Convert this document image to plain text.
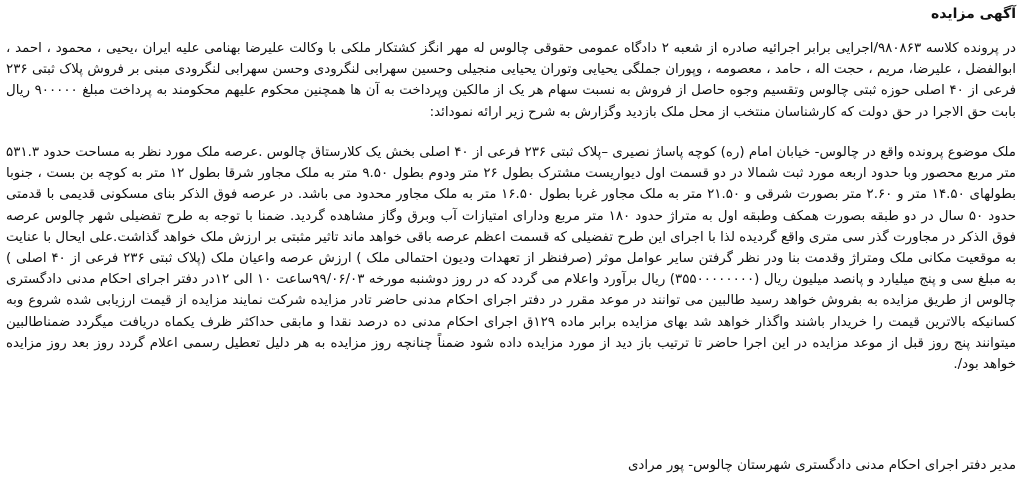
آگهی مزایده

در پرونده کلاسه ۹۸۰۸۶۳/اجرایی برابر اجرائیه صادره از شعبه ۲ دادگاه عمومی حقوقی چالوس له مهر انگز کشتکار ملکی با وکالت علیرضا بهنامی علیه ایران ،یحیی ، محمود ، احمد ، ابوالفضل ، علیرضا، مریم ، حجت اله ، حامد ، معصومه ، وپوران جملگی یحیایی وتوران یحیایی منجیلی وحسین سهرابی لنگرودی وحسن سهرابی لنگرودی مبنی بر فروش پلاک ثبتی ۲۳۶ فرعی از ۴۰ اصلی حوزه ثبتی چالوس وتقسیم وجوه حاصل از فروش به نسبت سهام هر یک از مالکین وپرداخت به آن ها همچنین محکوم علیهم محکومند به پرداخت مبلغ ۹۰۰۰۰۰ ریال بابت حق الاجرا در حق دولت که کارشناسان منتخب از محل ملک بازدید وگزارش به شرح زیر ارائه نمودائد:

ملک موضوع پرونده واقع در چالوس- خیابان امام (ره) کوچه پاساژ نصیری –پلاک ثبتی ۲۳۶ فرعی از ۴۰ اصلی بخش یک کلارستاق چالوس .عرصه ملک مورد نظر به مساحت حدود ۵۳۱.۳ متر مربع محصور وبا حدود اربعه مورد ثبت شمالا در دو قسمت اول دیواریست مشترک بطول ۲۶ متر ودوم بطول ۹.۵۰ متر به ملک مجاور شرقا بطول ۱۲ متر به کوچه بن بست ، جنوبا بطولهای ۱۴.۵۰ متر و ۲.۶۰ متر بصورت شرقی و ۲۱.۵۰ متر به ملک مجاور غربا بطول ۱۶.۵۰ متر به ملک مجاور محدود می باشد. در عرصه فوق الذکر بنای مسکونی قدیمی با قدمتی حدود ۵۰ سال در دو طبقه بصورت همکف وطبقه اول به متراژ حدود ۱۸۰ متر مربع ودارای امتیازات آب وبرق وگاز مشاهده گردید. ضمنا با توجه به طرح تفضیلی شهر چالوس عرصه فوق الذکر در مجاورت گذر سی متری واقع گردیده لذا با اجرای این طرح تفضیلی که قسمت اعظم عرصه باقی خواهد ماند تاثیر مثبتی بر ارزش ملک خواهد گذاشت.علی ایحال با عنایت به موقعیت مکانی ملک ومتراژ وقدمت بنا ودر نظر گرفتن سایر عوامل موثر (صرفنظر از تعهدات ودیون احتمالی ملک ) ارزش عرصه واعیان ملک (پلاک ثبتی ۲۳۶ فرعی از ۴۰ اصلی ) به مبلغ سی و پنج میلیارد و پانصد میلیون ریال (۳۵۵۰۰۰۰۰۰۰۰) ریال برآورد واعلام می گردد که در روز دوشنبه مورخه ۹۹/۰۶/۰۳ساعت ۱۰ الی ۱۲در دفتر اجرای احکام مدنی دادگستری چالوس از طریق مزایده به بفروش خواهد رسید طالبین می توانند در موعد مقرر در دفتر اجرای احکام مدنی حاضر تادر مزایده شرکت نمایند مزایده از قیمت ارزیابی شده شروع وبه کسانیکه بالاترین قیمت را خریدار باشند واگذار خواهد شد بهای مزایده برابر ماده ۱۲۹ق اجرای احکام مدنی ده درصد نقدا و مابقی حداکثر ظرف یکماه دریافت میگردد ضمناطالبین میتوانند پنج روز قبل از موعد مزایده در این اجرا حاضر تا ترتیب باز دید از مورد مزایده داده شود ضمناً چنانچه روز مزایده به هر دلیل تعطیل رسمی اعلام گردد روز بعد روز مزایده خواهد بود/.

مدیر دفتر اجرای احکام مدنی دادگستری شهرستان چالوس- پور مرادی
